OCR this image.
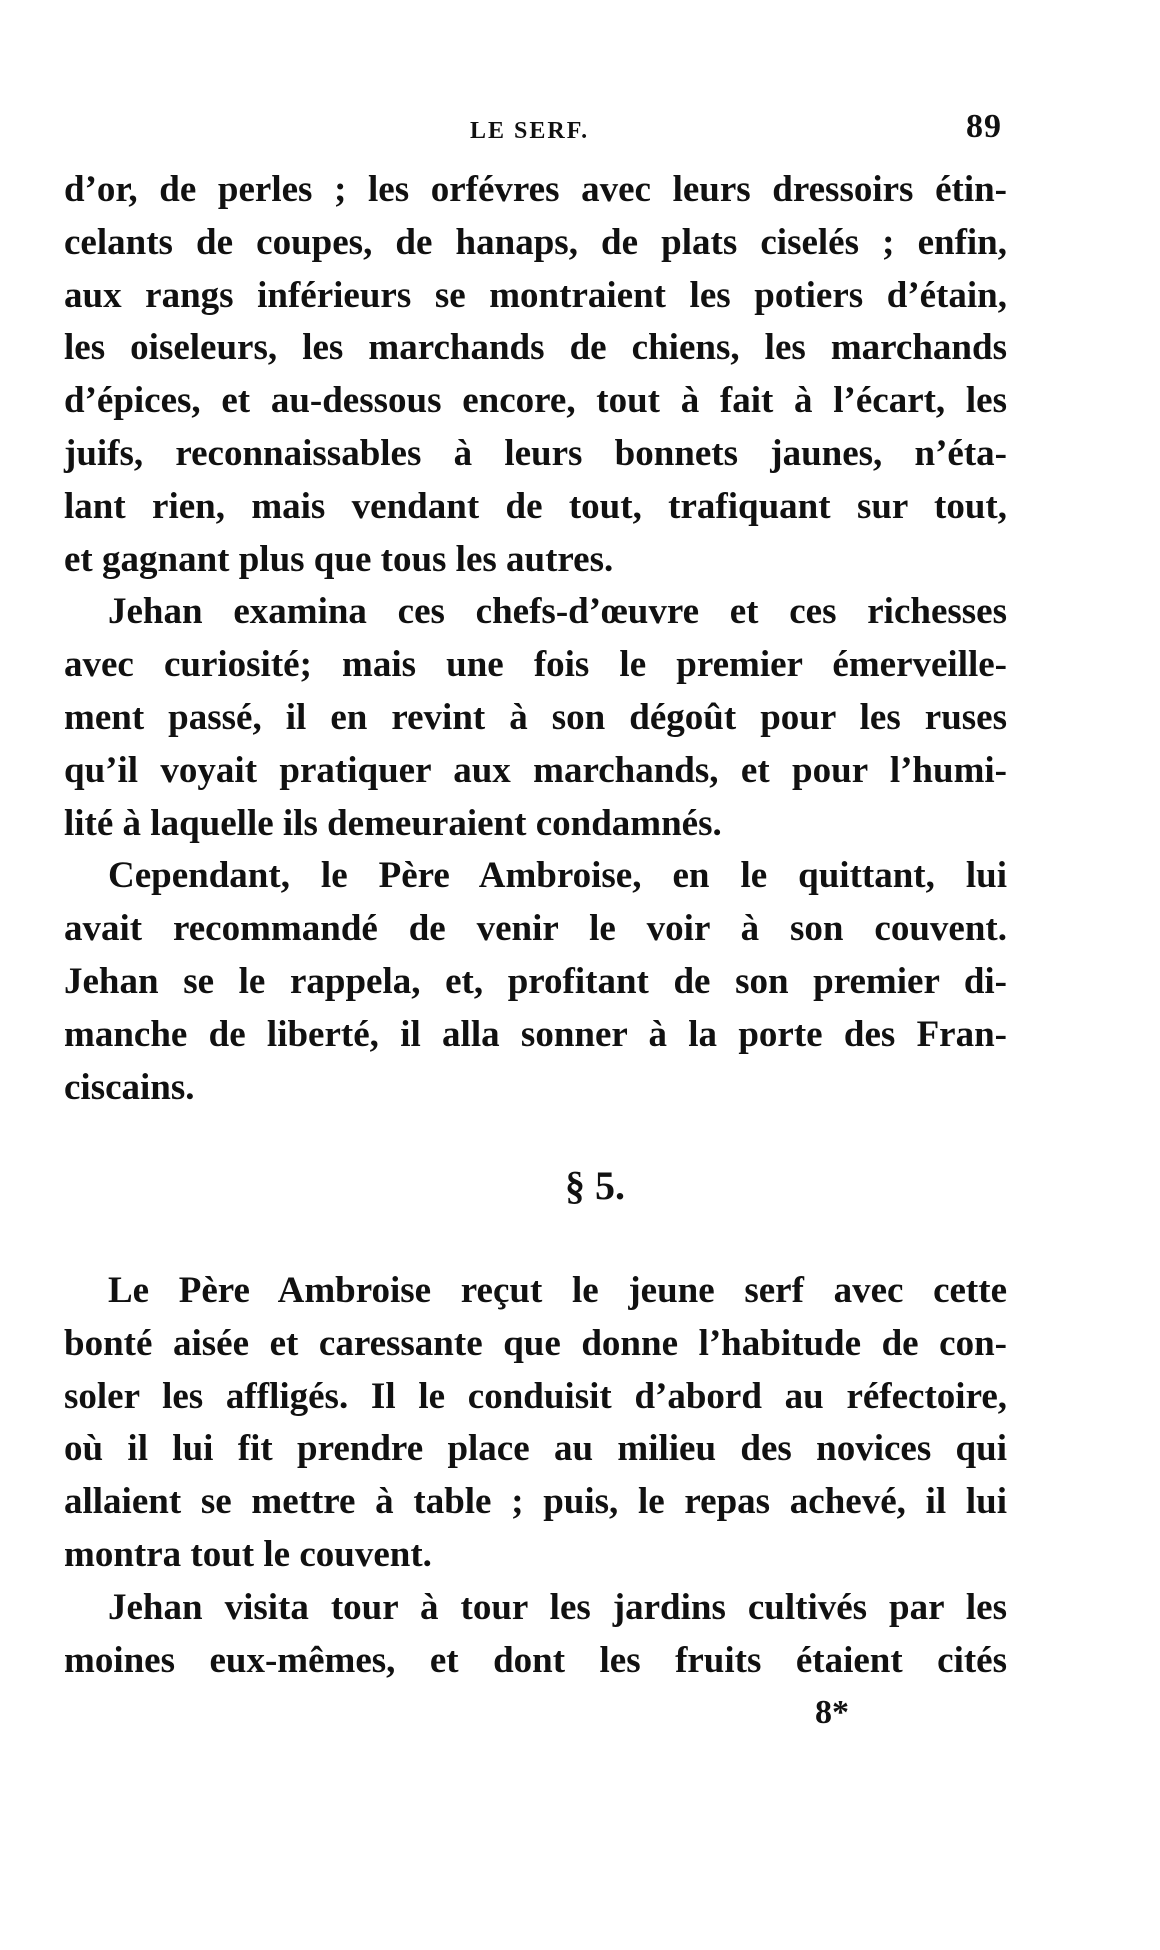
LE SERF.	89
d’or, de perles ; les orfévres avec leurs dressoirs étin-
celants de coupes, de hanaps, de plats ciselés ; enfin,
aux rangs inférieurs se montraient les potiers d’étain,
les oiseleurs, les marchands de chiens, les marchands
d’épices, et au-dessous encore, tout à fait à l’écart, les
juifs, reconnaissables à leurs bonnets jaunes, n’éta-
lant rien, mais vendant de tout, trafiquant sur tout,
et gagnant plus que tous les autres.
Jehan examina ces chefs-d’œuvre et ces richesses
avec curiosité; mais une fois le premier émerveille-
ment passé, il en revint à son dégoût pour les ruses
qu’il voyait pratiquer aux marchands, et pour l’humi-
lité à laquelle ils demeuraient condamnés.
Cependant, le Père Ambroise, en le quittant, lui
avait recommandé de venir le voir à son couvent.
Jehan se le rappela, et, profitant de son premier di-
manche de liberté, il alla sonner à la porte des Fran-
ciscains.
§ 5.
Le Père Ambroise reçut le jeune serf avec cette
bonté aisée et caressante que donne l’habitude de con-
soler les affligés. Il le conduisit d’abord au réfectoire,
où il lui fit prendre place au milieu des novices qui
allaient se mettre à table ; puis, le repas achevé, il lui
montra tout le couvent.
Jehan visita tour à tour les jardins cultivés par les
moines eux-mêmes, et dont les fruits étaient cités
8*
